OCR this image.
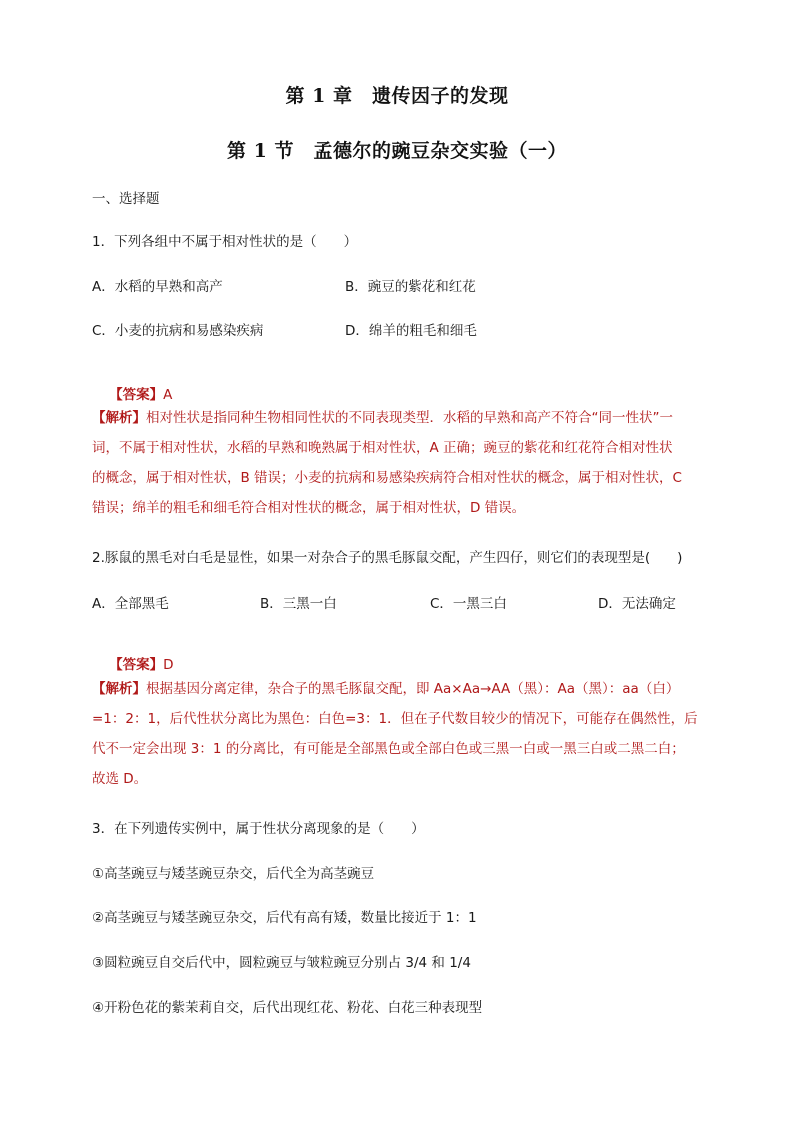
第 1 章　遗传因子的发现
第 1 节　孟德尔的豌豆杂交实验（一）
一、选择题
1．下列各组中不属于相对性状的是（　　）
A．水稻的早熟和高产	B．豌豆的紫花和红花
C．小麦的抗病和易感染疾病	D．绵羊的粗毛和细毛

【答案】A

【解析】相对性状是指同种生物相同性状的不同表现类型．水稻的早熟和高产不符合“同一性状”一
词，不属于相对性状，水稻的早熟和晚熟属于相对性状，A 正确；豌豆的紫花和红花符合相对性状
的概念，属于相对性状，B 错误；小麦的抗病和易感染疾病符合相对性状的概念，属于相对性状，C
错误；绵羊的粗毛和细毛符合相对性状的概念，属于相对性状，D 错误。
2.豚鼠的黑毛对白毛是显性，如果一对杂合子的黑毛豚鼠交配，产生四仔，则它们的表现型是(　　)
A．全部黑毛	B．三黑一白	C．一黑三白	D．无法确定

【答案】D

【解析】根据基因分离定律，杂合子的黑毛豚鼠交配，即 Aa×Aa→AA（黑）：Aa（黑）：aa（白）
=1：2：1，后代性状分离比为黑色：白色=3：1．但在子代数目较少的情况下，可能存在偶然性，后
代不一定会出现 3：1 的分离比，有可能是全部黑色或全部白色或三黑一白或一黑三白或二黑二白；
故选 D。
3．在下列遗传实例中，属于性状分离现象的是（　　）
①高茎豌豆与矮茎豌豆杂交，后代全为高茎豌豆
②高茎豌豆与矮茎豌豆杂交，后代有高有矮，数量比接近于 1：1
③圆粒豌豆自交后代中，圆粒豌豆与皱粒豌豆分别占 3/4 和 1/4
④开粉色花的紫茉莉自交，后代出现红花、粉花、白花三种表现型
